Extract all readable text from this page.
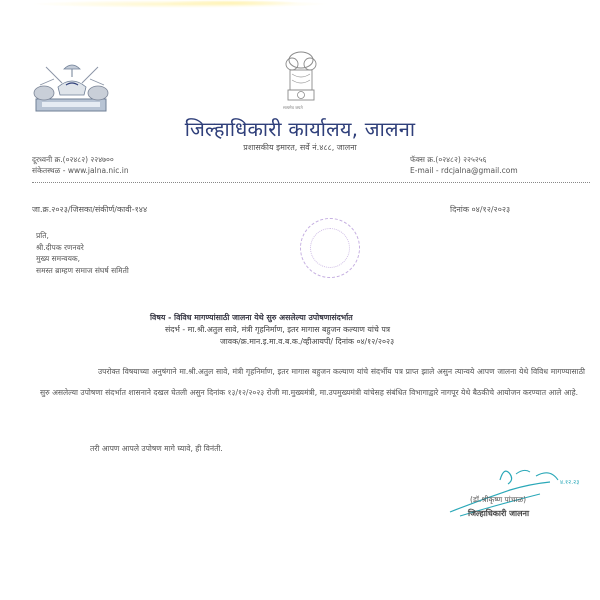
सत्यमेव जयते
जिल्हाधिकारी कार्यालय, जालना
प्रशासकीय इमारत, सर्वे नं.४८८, जालना
दूरध्वनी क्र.(०२४८२) २२४७००
संकेतस्थळ - www.jalna.nic.in
फॅक्स क्र.(०२४८२) २२५२५६
E-mail - rdcjalna@gmail.com
जा.क्र.२०२३/जिसका/संकीर्ण/कावी-१४४	दिनांक ०४/१२/२०२३
प्रति,
श्री.दीपक रणनवरे
मुख्य समन्वयक,
समस्त ब्राम्हण समाज संघर्ष समिती
विषय - विविध मागण्यांसाठी जालना येथे सुरु असलेल्या उपोषणासंदर्भात
संदर्भ - मा.श्री.अतुल सावे, मंत्री गृहनिर्माण, इतर मागास बहुजन कल्याण यांचे पत्र
जावक/क्र.मान.इ.मा.व.ब.क./व्हीआयपी/ दिनांक ०४/१२/२०२३

उपरोक्त विषयाच्या अनुषंगाने मा.श्री.अतुल सावे, मंत्री गृहनिर्माण, इतर मागास बहुजन कल्याण यांचे संदर्भीय पत्र प्राप्त झाले असुन त्यान्वये आपण जालना येथे विविध मागण्यासाठी सुरु असलेल्या उपोषणा संदर्भात शासनाने दखल घेतली असुन दिनांक १३/१२/२०२३ रोजी मा.मुख्यमंत्री, मा.उपमुख्यमंत्री यांचेसह संबंधित विभागाद्वारे नागपूर येथे बैठकीचे आयोजन करण्यात आले आहे.

तरी आपण आपले उपोषण मागे घ्यावे, ही विनंती.
४.१२.२३
(डॉ.श्रीकृष्ण पांचाळ)
जिल्हाधिकारी जालना
